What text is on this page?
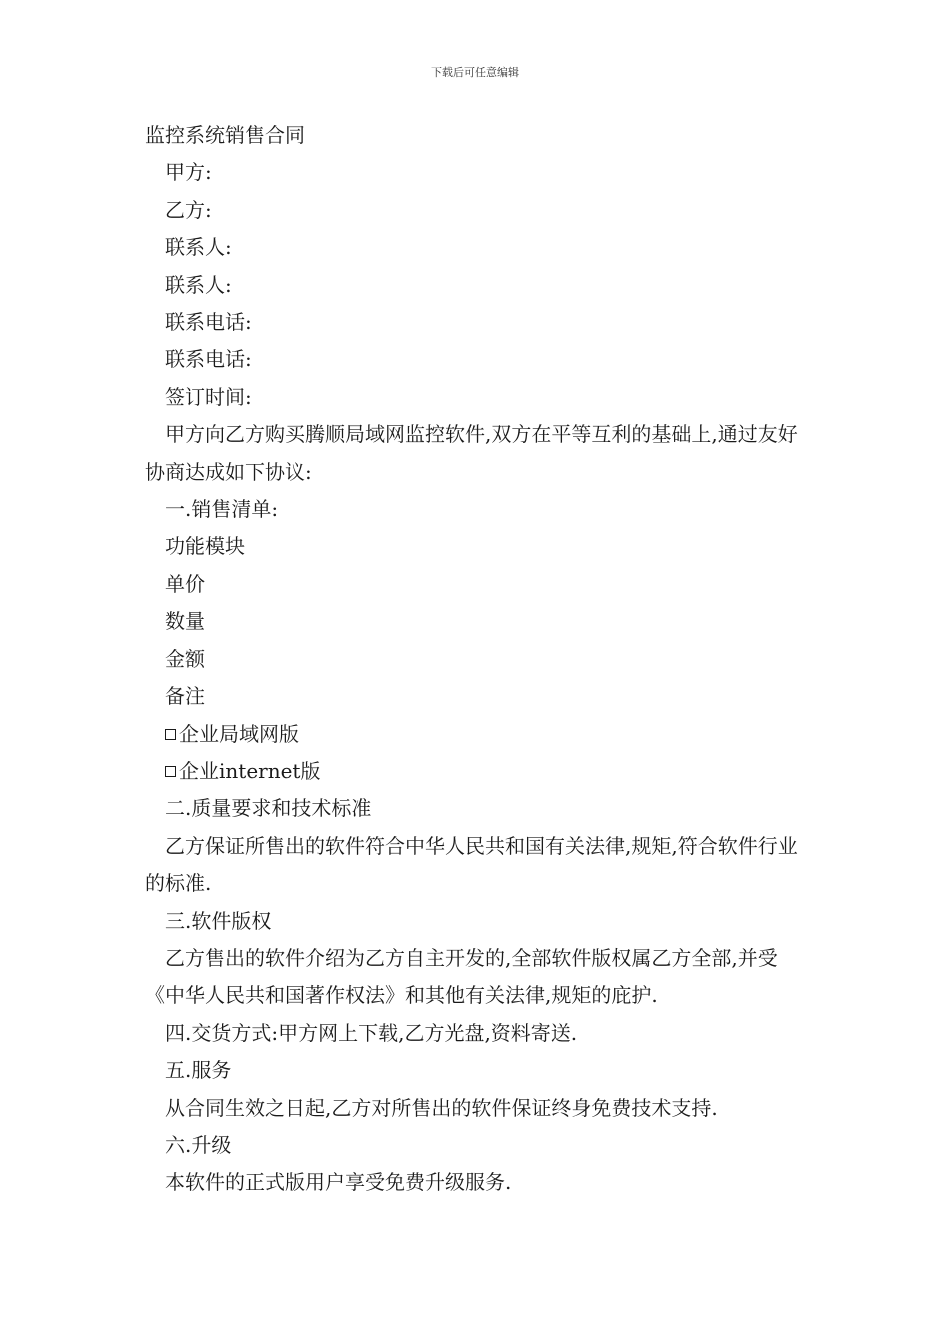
下载后可任意编辑
监控系统销售合同

甲方:

乙方:

联系人:

联系人:

联系电话:

联系电话:

签订时间:

甲方向乙方购买腾顺局域网监控软件,双方在平等互利的基础上,通过友好协商达成如下协议:

一.销售清单:

功能模块

单价

数量

金额

备注

企业局域网版

企业internet版

二.质量要求和技术标准

乙方保证所售出的软件符合中华人民共和国有关法律,规矩,符合软件行业的标准.

三.软件版权

乙方售出的软件介绍为乙方自主开发的,全部软件版权属乙方全部,并受《中华人民共和国著作权法》和其他有关法律,规矩的庇护.

四.交货方式:甲方网上下载,乙方光盘,资料寄送.

五.服务

从合同生效之日起,乙方对所售出的软件保证终身免费技术支持.

六.升级

本软件的正式版用户享受免费升级服务.
